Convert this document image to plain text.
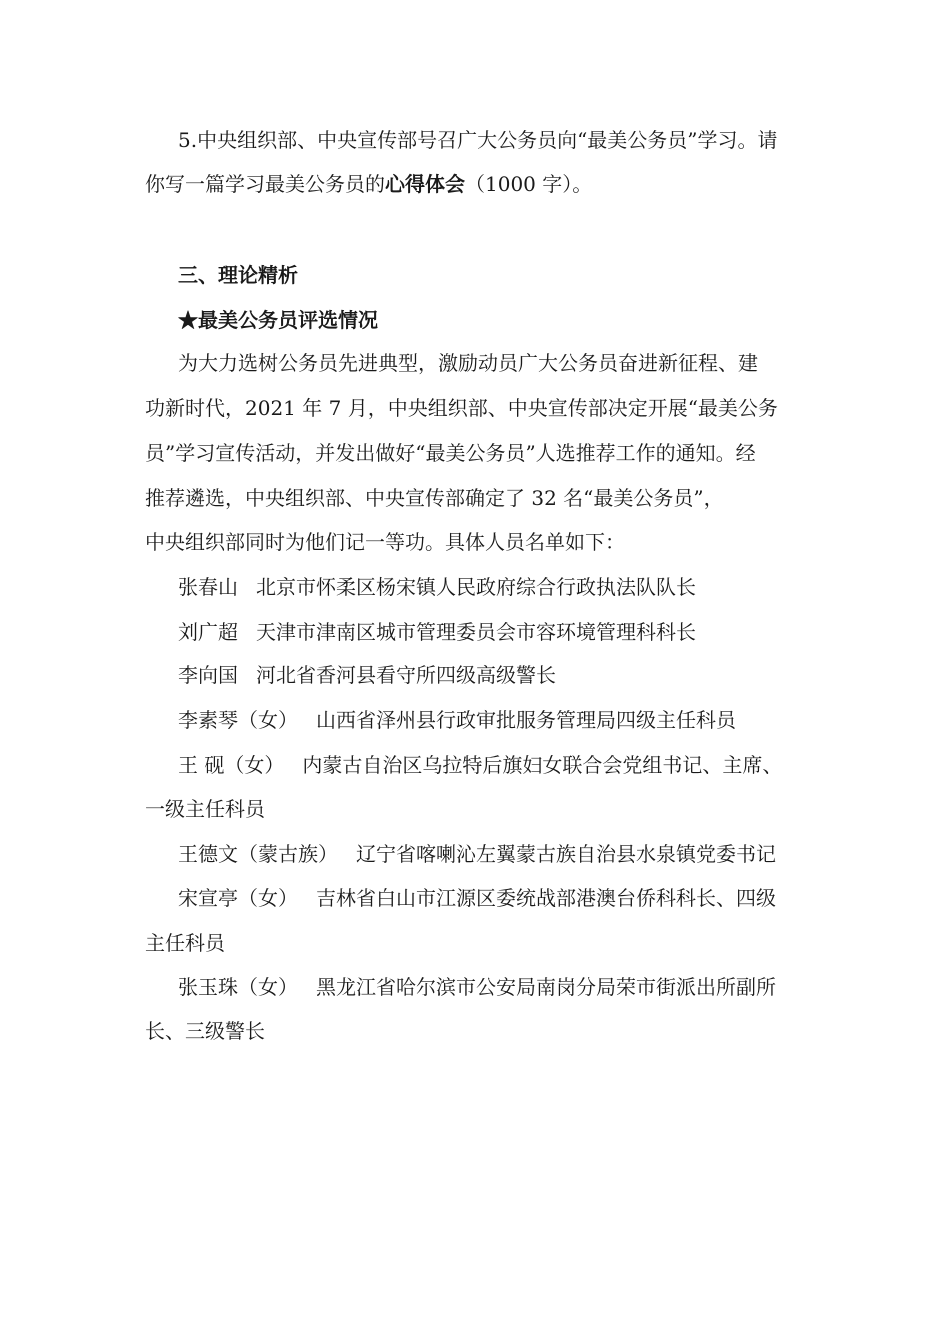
5.中央组织部、中央宣传部号召广大公务员向“最美公务员”学习。请
你写一篇学习最美公务员的心得体会（1000 字）。
三、理论精析
★最美公务员评选情况
为大力选树公务员先进典型，激励动员广大公务员奋进新征程、建
功新时代，2021 年 7 月，中央组织部、中央宣传部决定开展“最美公务
员”学习宣传活动，并发出做好“最美公务员”人选推荐工作的通知。经
推荐遴选，中央组织部、中央宣传部确定了 32 名“最美公务员”，
中央组织部同时为他们记一等功。具体人员名单如下：
张春山 北京市怀柔区杨宋镇人民政府综合行政执法队队长
刘广超 天津市津南区城市管理委员会市容环境管理科科长
李向国 河北省香河县看守所四级高级警长
李素琴（女） 山西省泽州县行政审批服务管理局四级主任科员
王 砚（女） 内蒙古自治区乌拉特后旗妇女联合会党组书记、主席、
一级主任科员
王德文（蒙古族） 辽宁省喀喇沁左翼蒙古族自治县水泉镇党委书记
宋宣亭（女） 吉林省白山市江源区委统战部港澳台侨科科长、四级
主任科员
张玉珠（女） 黑龙江省哈尔滨市公安局南岗分局荣市街派出所副所
长、三级警长
